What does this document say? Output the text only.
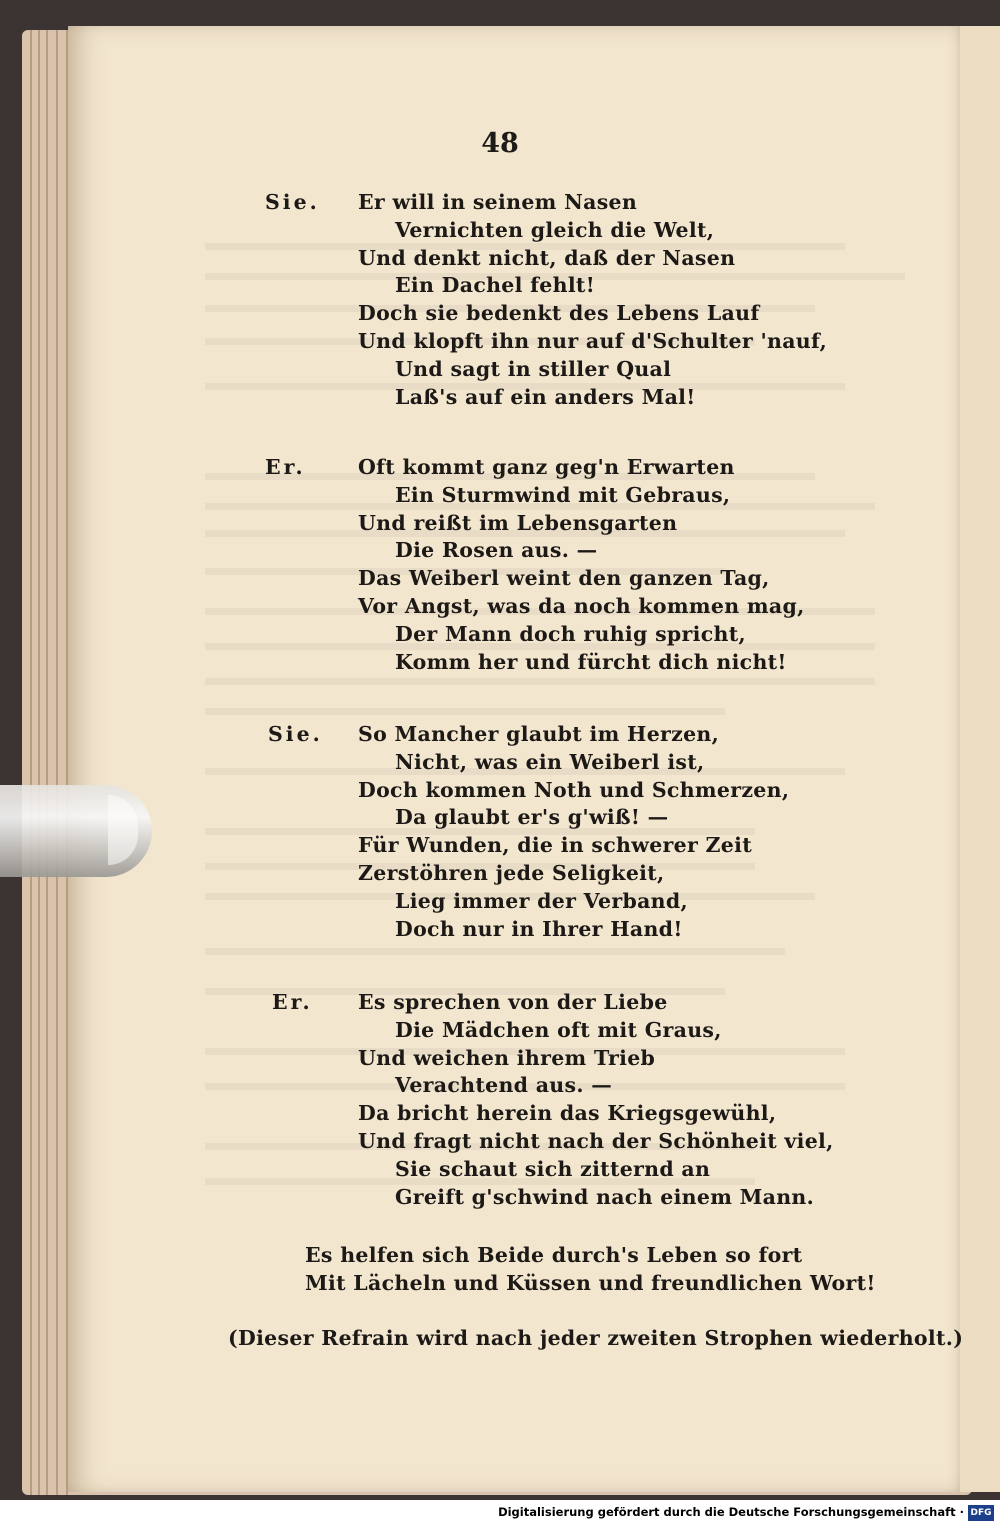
48
Sie. Er will in seinem Nasen
Vernichten gleich die Welt,
Und denkt nicht, daß der Nasen
Ein Dachel fehlt!
Doch sie bedenkt des Lebens Lauf
Und klopft ihn nur auf d'Schulter 'nauf,
Und sagt in stiller Qual
Laß's auf ein anders Mal!
Er.	Oft kommt ganz geg'n Erwarten
Ein Sturmwind mit Gebraus,
Und reißt im Lebensgarten
Die Rosen aus. —
Das Weiberl weint den ganzen Tag,
Vor Angst, was da noch kommen mag,
Der Mann doch ruhig spricht,
Komm her und fürcht dich nicht!
Sie. So Mancher glaubt im Herzen,
Nicht, was ein Weiberl ist,
Doch kommen Noth und Schmerzen,
Da glaubt er's g'wiß! —
Für Wunden, die in schwerer Zeit
Zerstöhren jede Seligkeit,
Lieg immer der Verband,
Doch nur in Ihrer Hand!
Er. Es sprechen von der Liebe
Die Mädchen oft mit Graus,
Und weichen ihrem Trieb
Verachtend aus. —
Da bricht herein das Kriegsgewühl,
Und fragt nicht nach der Schönheit viel,
Sie schaut sich zitternd an
Greift g'schwind nach einem Mann.
Es helfen sich Beide durch's Leben so fort
Mit Lächeln und Küssen und freundlichen Wort!
(Dieser Refrain wird nach jeder zweiten Strophen wiederholt.)
Digitalisierung gefördert durch die Deutsche Forschungsgemeinschaft · DFG
